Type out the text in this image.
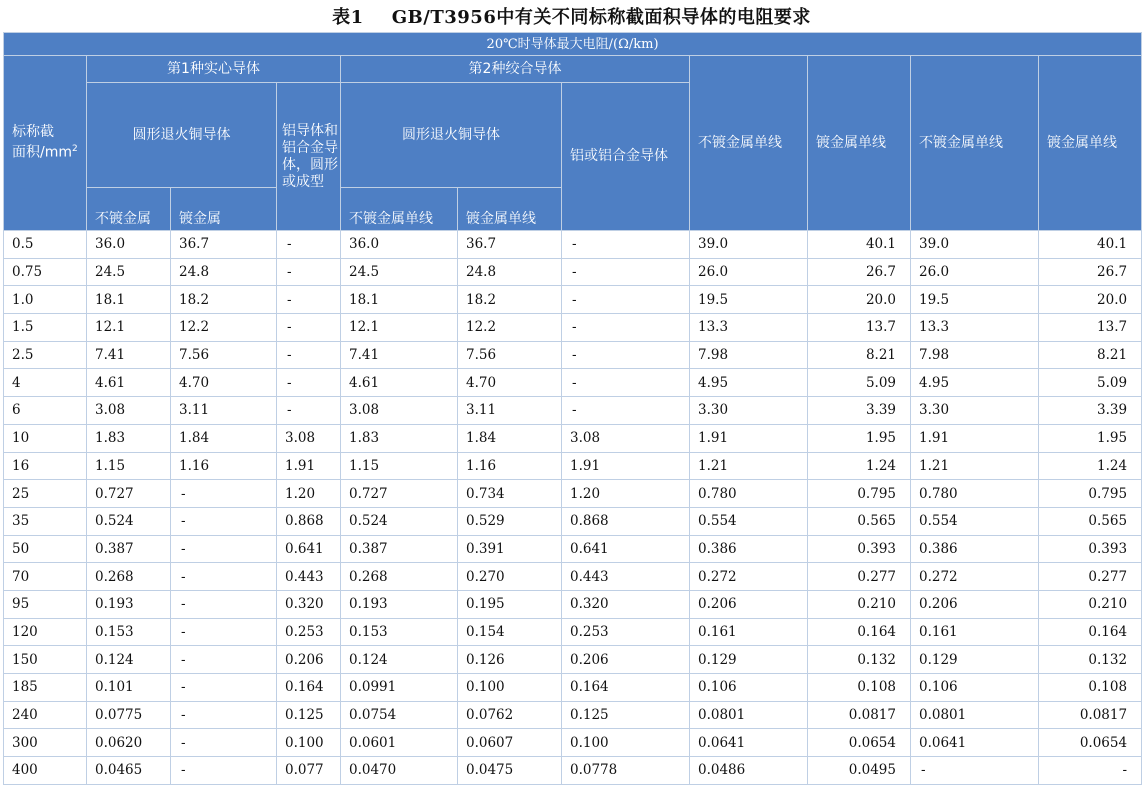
表1 GB/T3956中有关不同标称截面积导体的电阻要求
20℃时导体最大电阻/(Ω/km)										
标称截
面积$/mm^2$	第1种实心导体			第2种绞合导体			不镀金属单线	镀金属单线	不镀金属单线	镀金属单线
	圆形退火铜导体		铝导体和铝合金导体，圆形或成型	圆形退火铜导体		铝或铝合金导体				
	不镀金属	镀金属		不镀金属单线	镀金属单线					
0.5	36.0	36.7	-	36.0	36.7	-	39.0	40.1	39.0	40.1
0.75	24.5	24.8	-	24.5	24.8	-	26.0	26.7	26.0	26.7
1.0	18.1	18.2	-	18.1	18.2	-	19.5	20.0	19.5	20.0
1.5	12.1	12.2	-	12.1	12.2	-	13.3	13.7	13.3	13.7
2.5	7.41	7.56	-	7.41	7.56	-	7.98	8.21	7.98	8.21
4	4.61	4.70	-	4.61	4.70	-	4.95	5.09	4.95	5.09
6	3.08	3.11	-	3.08	3.11	-	3.30	3.39	3.30	3.39
10	1.83	1.84	3.08	1.83	1.84	3.08	1.91	1.95	1.91	1.95
16	1.15	1.16	1.91	1.15	1.16	1.91	1.21	1.24	1.21	1.24
25	0.727	-	1.20	0.727	0.734	1.20	0.780	0.795	0.780	0.795
35	0.524	-	0.868	0.524	0.529	0.868	0.554	0.565	0.554	0.565
50	0.387	-	0.641	0.387	0.391	0.641	0.386	0.393	0.386	0.393
70	0.268	-	0.443	0.268	0.270	0.443	0.272	0.277	0.272	0.277
95	0.193	-	0.320	0.193	0.195	0.320	0.206	0.210	0.206	0.210
120	0.153	-	0.253	0.153	0.154	0.253	0.161	0.164	0.161	0.164
150	0.124	-	0.206	0.124	0.126	0.206	0.129	0.132	0.129	0.132
185	0.101	-	0.164	0.0991	0.100	0.164	0.106	0.108	0.106	0.108
240	0.0775	-	0.125	0.0754	0.0762	0.125	0.0801	0.0817	0.0801	0.0817
300	0.0620	-	0.100	0.0601	0.0607	0.100	0.0641	0.0654	0.0641	0.0654
400	0.0465	-	0.077	0.0470	0.0475	0.0778	0.0486	0.0495	-	-
